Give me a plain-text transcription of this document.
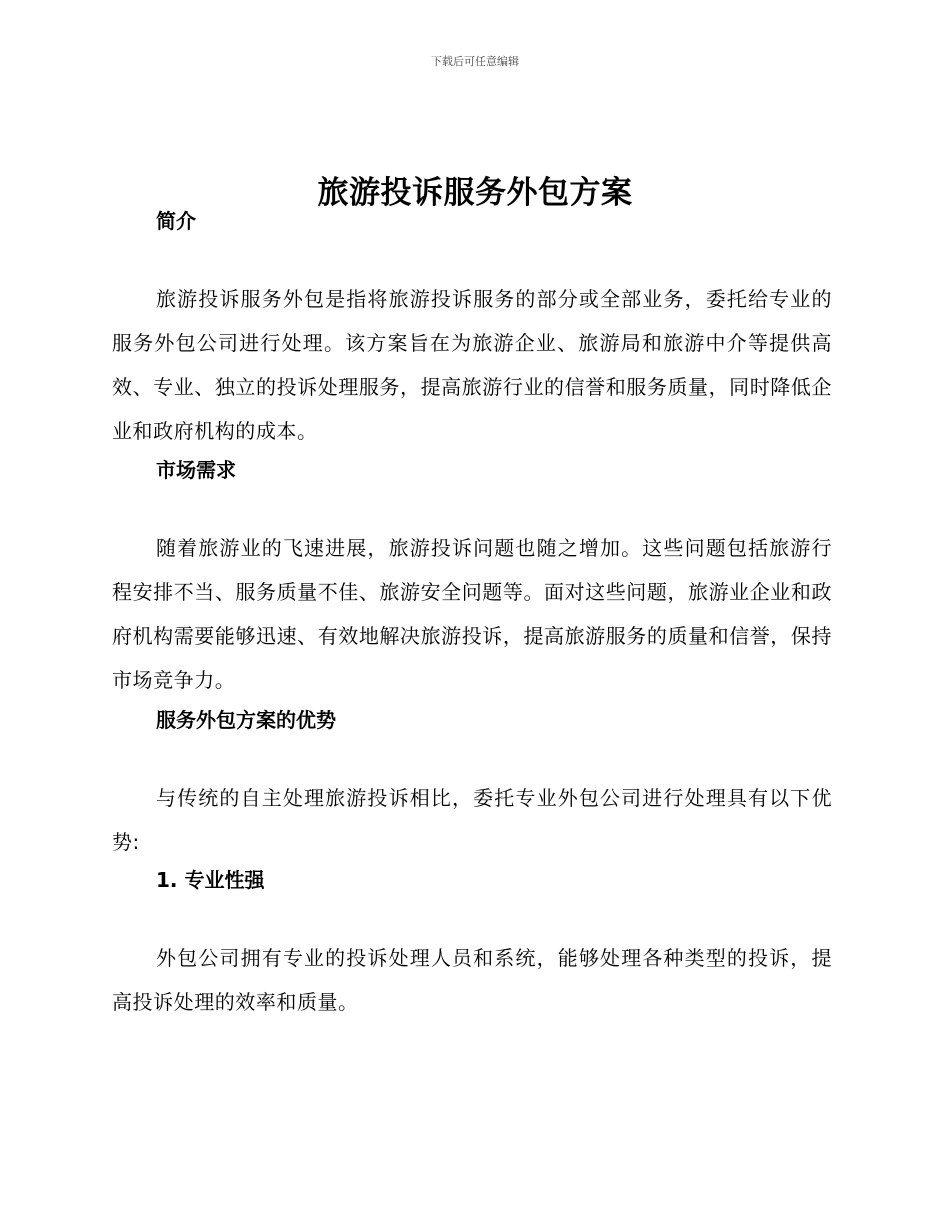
下载后可任意编辑
旅游投诉服务外包方案
简介

旅游投诉服务外包是指将旅游投诉服务的部分或全部业务，委托给专业的服务外包公司进行处理。该方案旨在为旅游企业、旅游局和旅游中介等提供高效、专业、独立的投诉处理服务，提高旅游行业的信誉和服务质量，同时降低企业和政府机构的成本。

市场需求

随着旅游业的飞速进展，旅游投诉问题也随之增加。这些问题包括旅游行程安排不当、服务质量不佳、旅游安全问题等。面对这些问题，旅游业企业和政府机构需要能够迅速、有效地解决旅游投诉，提高旅游服务的质量和信誉，保持市场竞争力。

服务外包方案的优势

与传统的自主处理旅游投诉相比，委托专业外包公司进行处理具有以下优势:

1. 专业性强

外包公司拥有专业的投诉处理人员和系统，能够处理各种类型的投诉，提高投诉处理的效率和质量。
